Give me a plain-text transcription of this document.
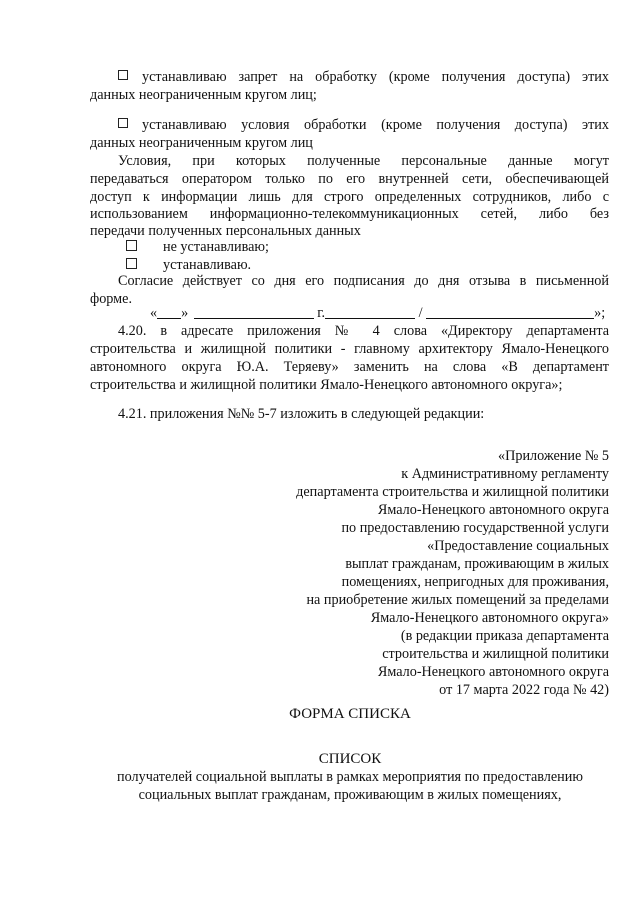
устанавливаю запрет на обработку (кроме получения доступа) этих
данных неограниченным кругом лиц;
устанавливаю условия обработки (кроме получения доступа) этих
данных неограниченным кругом лиц
Условия, при которых полученные персональные данные могут
передаваться оператором только по его внутренней сети, обеспечивающей
доступ к информации лишь для строго определенных сотрудников, либо с
использованием информационно-телекоммуникационных сетей, либо без
передачи полученных персональных данных
не устанавливаю;
устанавливаю.
Согласие действует со дня его подписания до дня отзыва в письменной
форме.
« »	г.	/	»;
4.20. в адресате приложения № 4 слова «Директору департамента
строительства и жилищной политики - главному архитектору Ямало-Ненецкого
автономного округа Ю.А. Теряеву» заменить на слова «В департамент
строительства и жилищной политики Ямало-Ненецкого автономного округа»;
4.21. приложения №№ 5-7 изложить в следующей редакции:
«Приложение № 5
к Административному регламенту
департамента строительства и жилищной политики
Ямало-Ненецкого автономного округа
по предоставлению государственной услуги
«Предоставление социальных
выплат гражданам, проживающим в жилых
помещениях, непригодных для проживания,
на приобретение жилых помещений за пределами
Ямало-Ненецкого автономного округа»
(в редакции приказа департамента
строительства и жилищной политики
Ямало-Ненецкого автономного округа
от 17 марта 2022 года № 42)
ФОРМА СПИСКА
СПИСОК
получателей социальной выплаты в рамках мероприятия по предоставлению
социальных выплат гражданам, проживающим в жилых помещениях,
